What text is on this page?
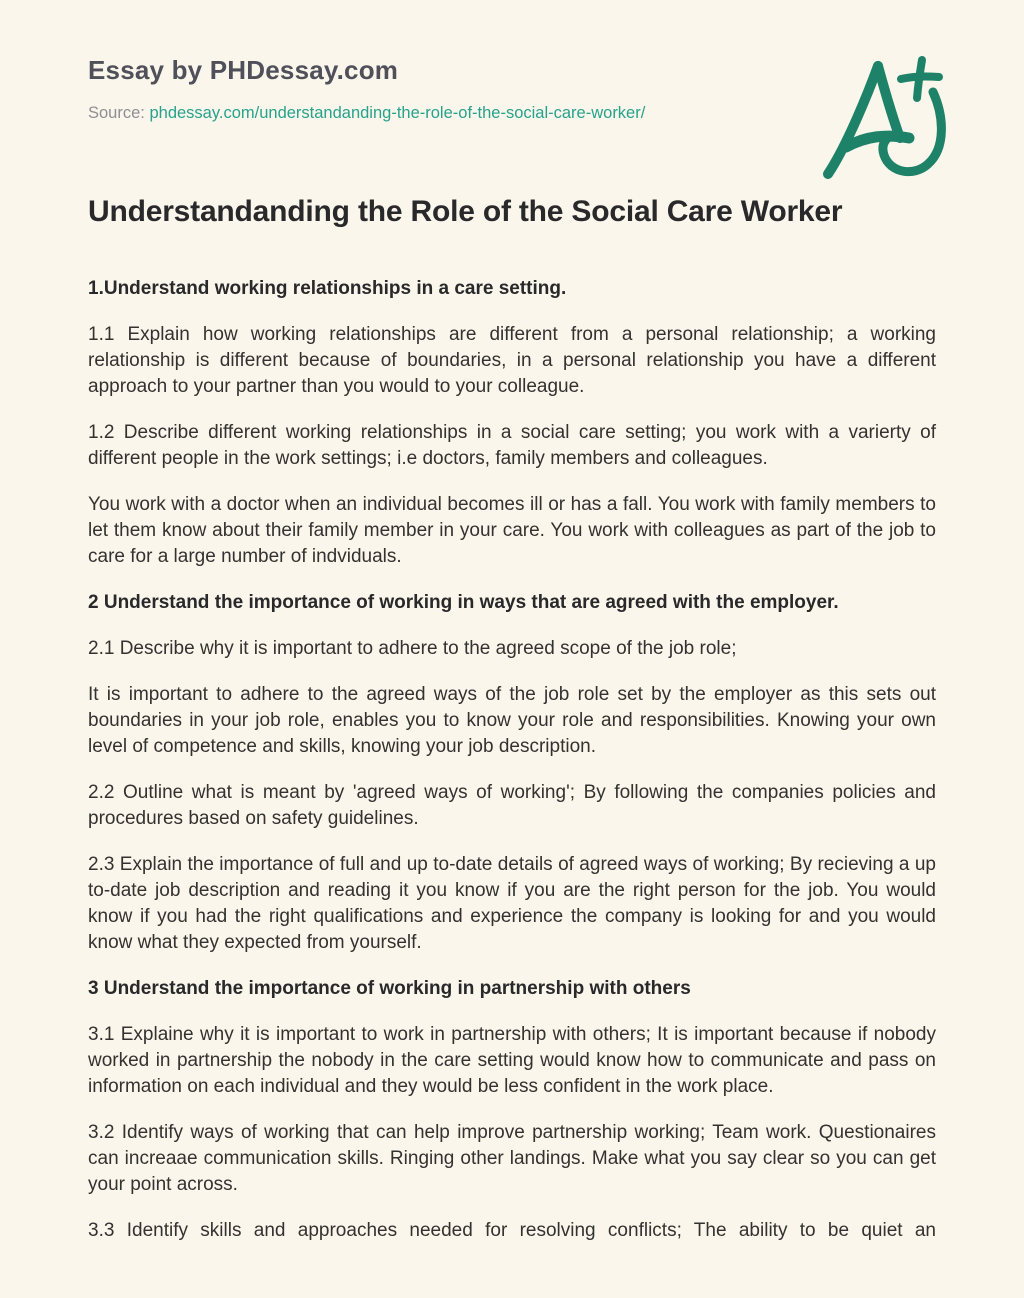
Essay by PHDessay.com
Source: phdessay.com/understandanding-the-role-of-the-social-care-worker/
Understandanding the Role of the Social Care Worker
1.Understand working relationships in a care setting.

1.1 Explain how working relationships are different from a personal relationship; a working relationship is different because of boundaries, in a personal relationship you have a different approach to your partner than you would to your colleague.

1.2 Describe different working relationships in a social care setting; you work with a varierty of different people in the work settings; i.e doctors, family members and colleagues.

You work with a doctor when an individual becomes ill or has a fall. You work with family members to let them know about their family member in your care. You work with colleagues as part of the job to care for a large number of indviduals.

2 Understand the importance of working in ways that are agreed with the employer.

2.1 Describe why it is important to adhere to the agreed scope of the job role;

It is important to adhere to the agreed ways of the job role set by the employer as this sets out boundaries in your job role, enables you to know your role and responsibilities. Knowing your own level of competence and skills, knowing your job description.

2.2 Outline what is meant by 'agreed ways of working'; By following the companies policies and procedures based on safety guidelines.

2.3 Explain the importance of full and up to-date details of agreed ways of working; By recieving a up to-date job description and reading it you know if you are the right person for the job. You would know if you had the right qualifications and experience the company is looking for and you would know what they expected from yourself.

3 Understand the importance of working in partnership with others

3.1 Explaine why it is important to work in partnership with others; It is important because if nobody worked in partnership the nobody in the care setting would know how to communicate and pass on information on each individual and they would be less confident in the work place.

3.2 Identify ways of working that can help improve partnership working; Team work. Questionaires can increaae communication skills. Ringing other landings. Make what you say clear so you can get your point across.

3.3 Identify skills and approaches needed for resolving conflicts; The ability to be quiet an
